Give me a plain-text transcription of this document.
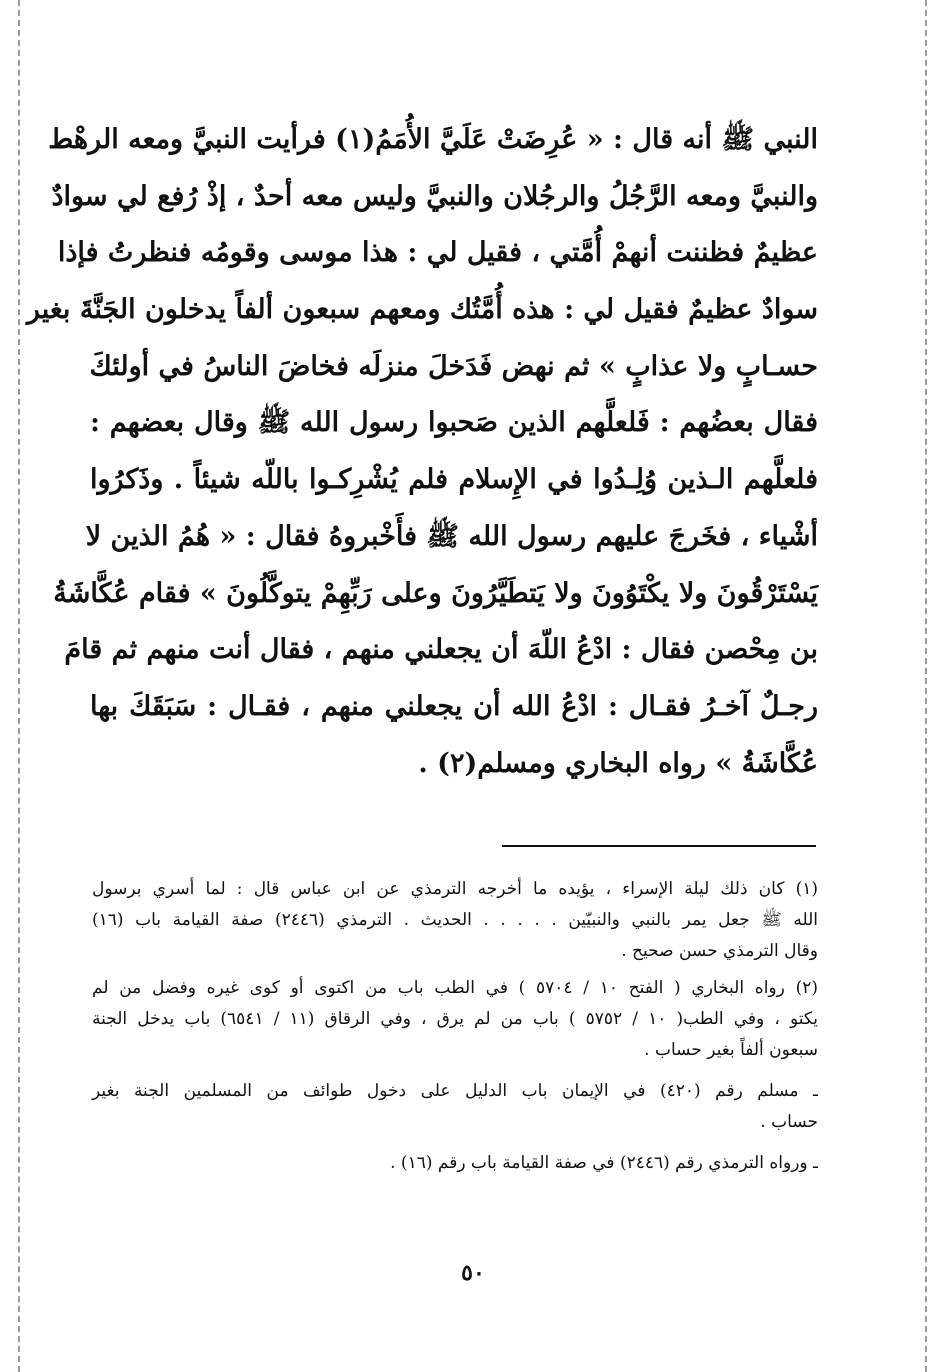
النبي ﷺ أنه قال : « عُرِضَتْ عَلَيَّ الأُمَمُ(١) فرأيت النبيَّ ومعه الرهْط
والنبيَّ ومعه الرَّجُلُ والرجُلان والنبيَّ وليس معه أحدٌ ، إذْ رُفع لي سوادٌ
عظيمٌ فظننت أنهمْ أُمَّتي ، فقيل لي : هذا موسى وقومُه فنظرتُ فإذا
سوادٌ عظيمٌ فقيل لي : هذه أُمَّتُك ومعهم سبعون ألفاً يدخلون الجَنَّةَ بغير
حسـابٍ ولا عذابٍ » ثم نهض فَدَخلَ منزلَه فخاضَ الناسُ في أولئكَ
فقال بعضُهم : فَلعلَّهم الذين صَحبوا رسول الله ﷺ وقال بعضهم :
فلعلَّهم الـذين وُلِـدُوا في الإِسلام فلم يُشْرِكـوا باللّه شيئاً . وذَكرُوا
أشْياء ، فخَرجَ عليهم رسول الله ﷺ فأَخْبروهُ فقال : « هُمُ الذين لا
يَسْتَرْقُونَ ولا يكْتَوُونَ ولا يَتطَيَّرُونَ وعلى رَبِّهِمْ يتوكَّلُونَ » فقام عُكَّاشَةُ
بن مِحْصن فقال : ادْعُ اللّهَ أن يجعلني منهم ، فقال أنت منهم ثم قامَ
رجـلٌ آخـرُ فقـال : ادْعُ الله أن يجعلني منهم ، فقـال : سَبَقَكَ بها
عُكَّاشَةُ » رواه البخاري ومسلم(٢) .
(١) كان ذلك ليلة الإسراء ، يؤيده ما أخرجه الترمذي عن ابن عباس قال : لما أسري برسول
الله ﷺ جعل يمر بالنبي والنبيّين . . . . . الحديث . الترمذي (٢٤٤٦) صفة القيامة باب (١٦)
وقال الترمذي حسن صحيح .
(٢) رواه البخاري ( الفتح ١٠ / ٥٧٠٤ ) في الطب باب من اكتوى أو كوى غيره وفضل من لم
يكتو ، وفي الطب( ١٠ / ٥٧٥٢ ) باب من لم يرق ، وفي الرقاق (١١ / ٦٥٤١) باب يدخل الجنة
سبعون ألفاً بغير حساب .
ـ مسلم رقم (٤٢٠) في الإيمان باب الدليل على دخول طوائف من المسلمين الجنة بغير
حساب .
ـ ورواه الترمذي رقم (٢٤٤٦) في صفة القيامة باب رقم (١٦) .
٥٠
